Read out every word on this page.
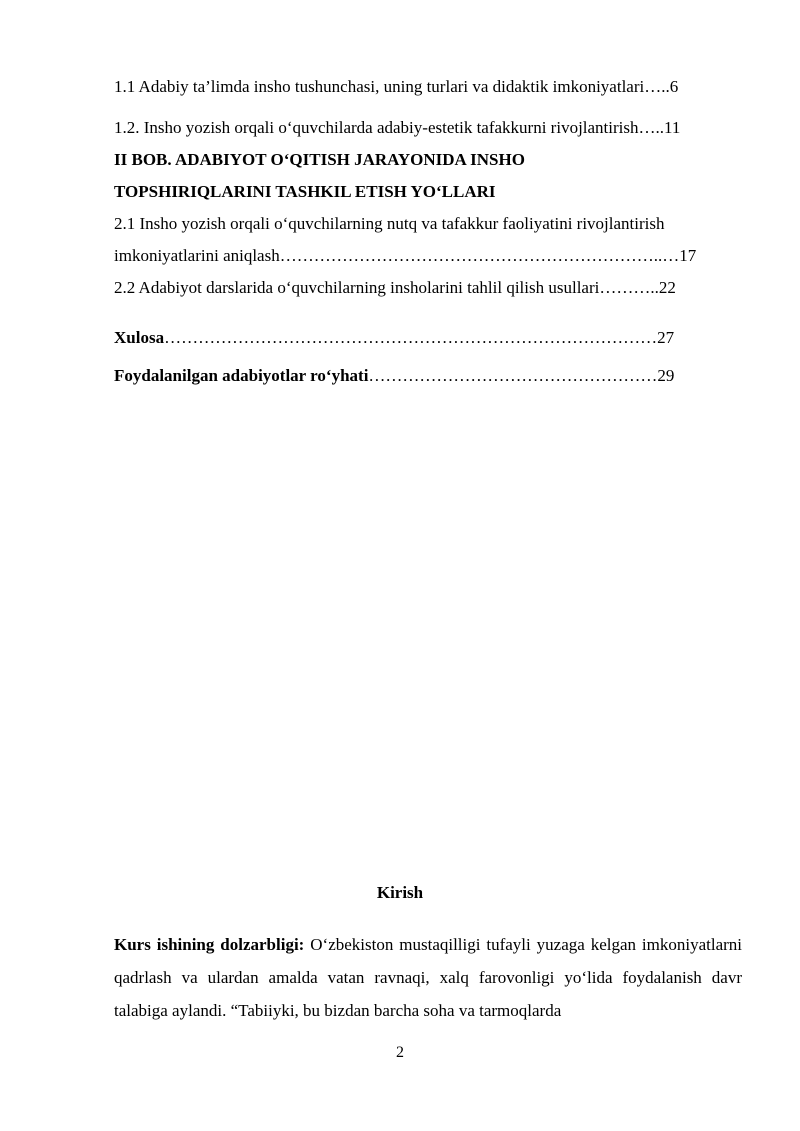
1.1 Adabiy ta’limda insho tushunchasi, uning turlari va didaktik imkoniyatlari…..6
1.2. Insho yozish orqali o‘quvchilarda adabiy-estetik tafakkurni rivojlantirish…..11
II BOB. ADABIYOT O‘QITISH JARAYONIDA INSHO
TOPSHIRIQLARINI TASHKIL ETISH YO‘LLARI
2.1 Insho yozish orqali o‘quvchilarning nutq va tafakkur faoliyatini rivojlantirish
imkoniyatlarini aniqlash…………………………………………………………..…17
2.2 Adabiyot darslarida o‘quvchilarning insholarini tahlil qilish usullari………..22
Xulosa……………………………………………………………………………27
Foydalanilgan adabiyotlar ro‘yhati……………………………………………29
Kirish
Kurs ishining dolzarbligi: O‘zbekiston mustaqilligi tufayli yuzaga kelgan imkoniyatlarni qadrlash va ulardan amalda vatan ravnaqi, xalq farovonligi yo‘lida foydalanish davr talabiga aylandi. “Tabiiyki, bu bizdan barcha soha va tarmoqlarda
2
